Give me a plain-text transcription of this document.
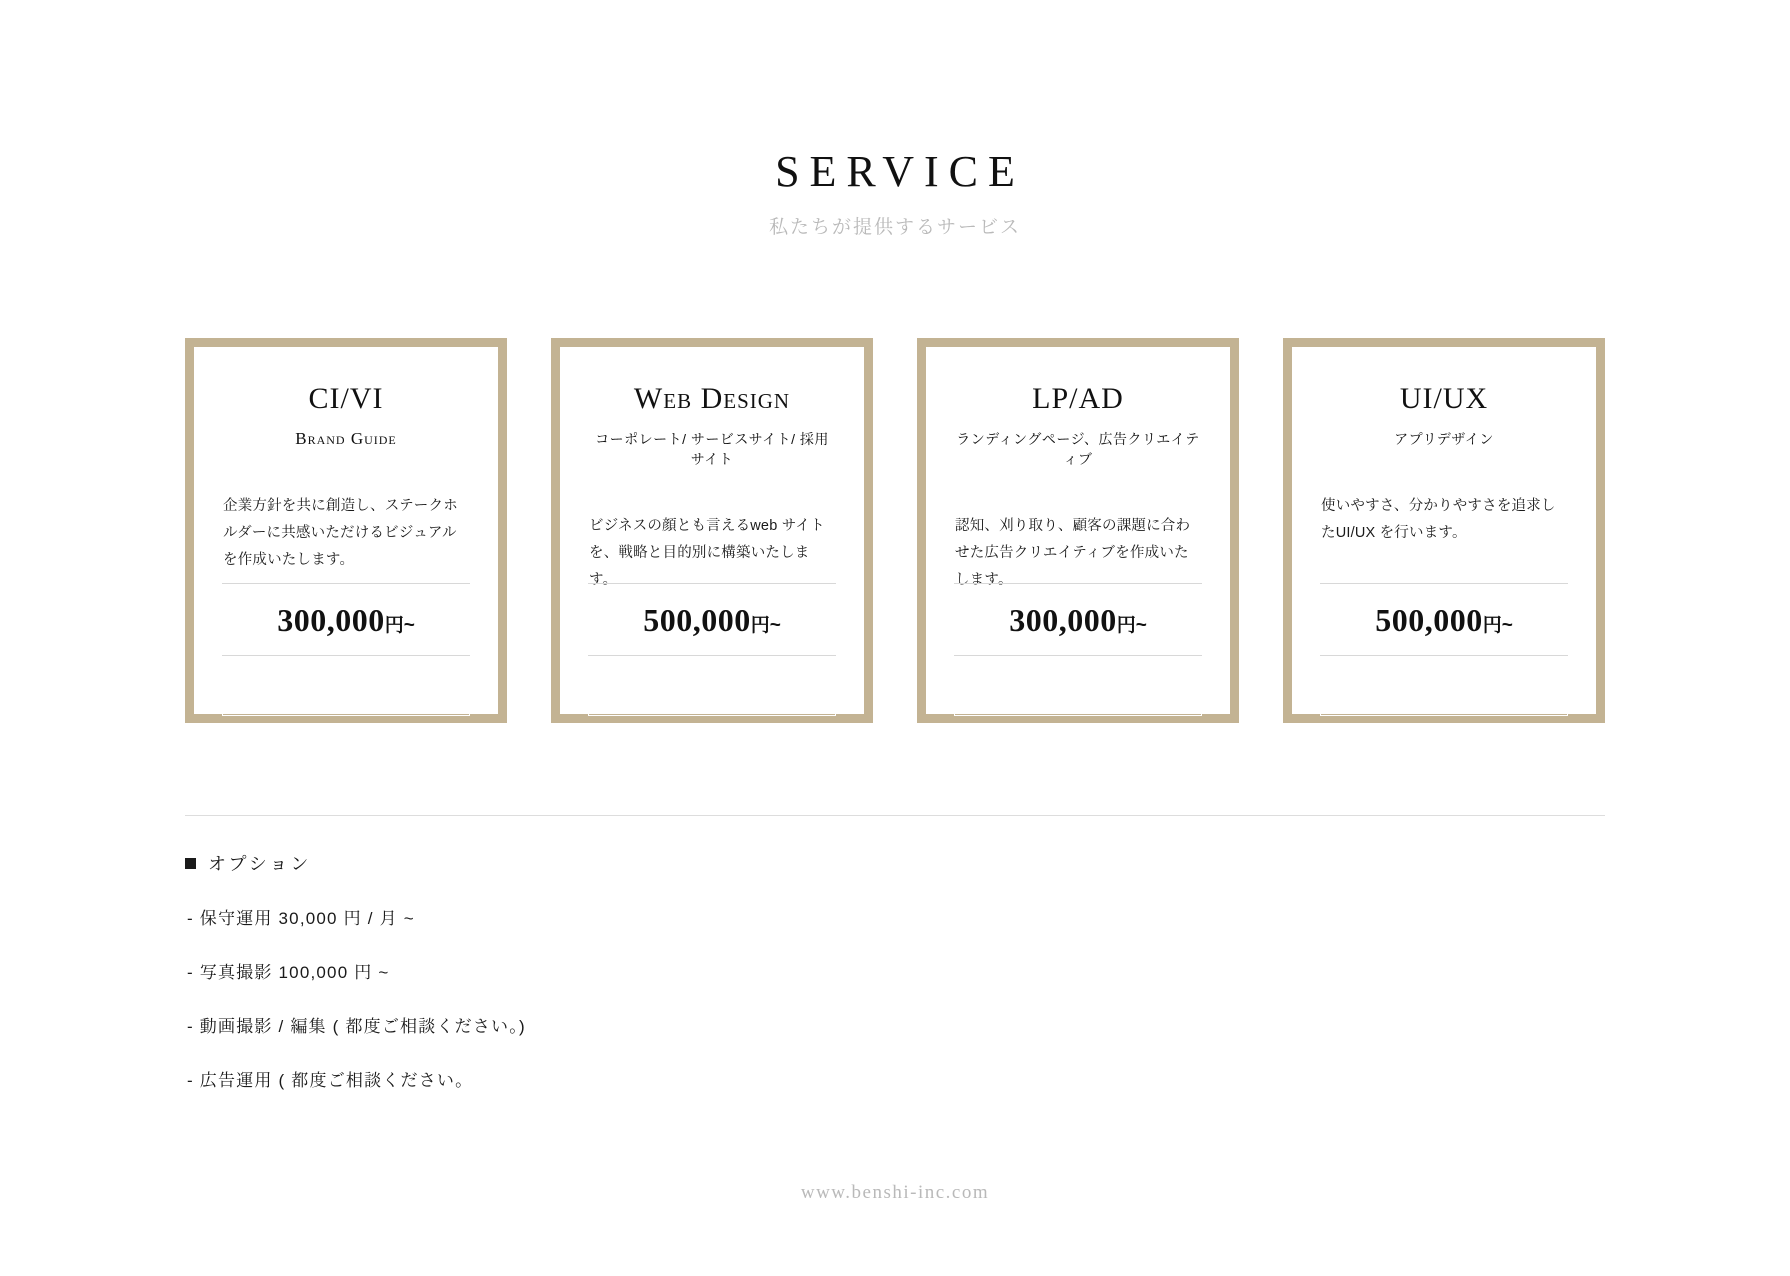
SERVICE
私たちが提供するサービス
CI/VI
Brand Guide
企業方針を共に創造し、ステークホルダーに共感いただけるビジュアルを作成いたします。
300,000円~
Web Design
コーポレート/ サービスサイト/ 採用サイト
ビジネスの顔とも言えるweb サイトを、戦略と目的別に構築いたします。
500,000円~
LP/AD
ランディングページ、広告クリエイティブ
認知、刈り取り、顧客の課題に合わせた広告クリエイティブを作成いたします。
300,000円~
UI/UX
アプリデザイン
使いやすさ、分かりやすさを追求したUI/UX を行います。
500,000円~
オプション
- 保守運用 30,000 円 / 月 ~
- 写真撮影 100,000 円 ~
- 動画撮影 / 編集 ( 都度ご相談ください。)
- 広告運用 ( 都度ご相談ください。
www.benshi-inc.com
